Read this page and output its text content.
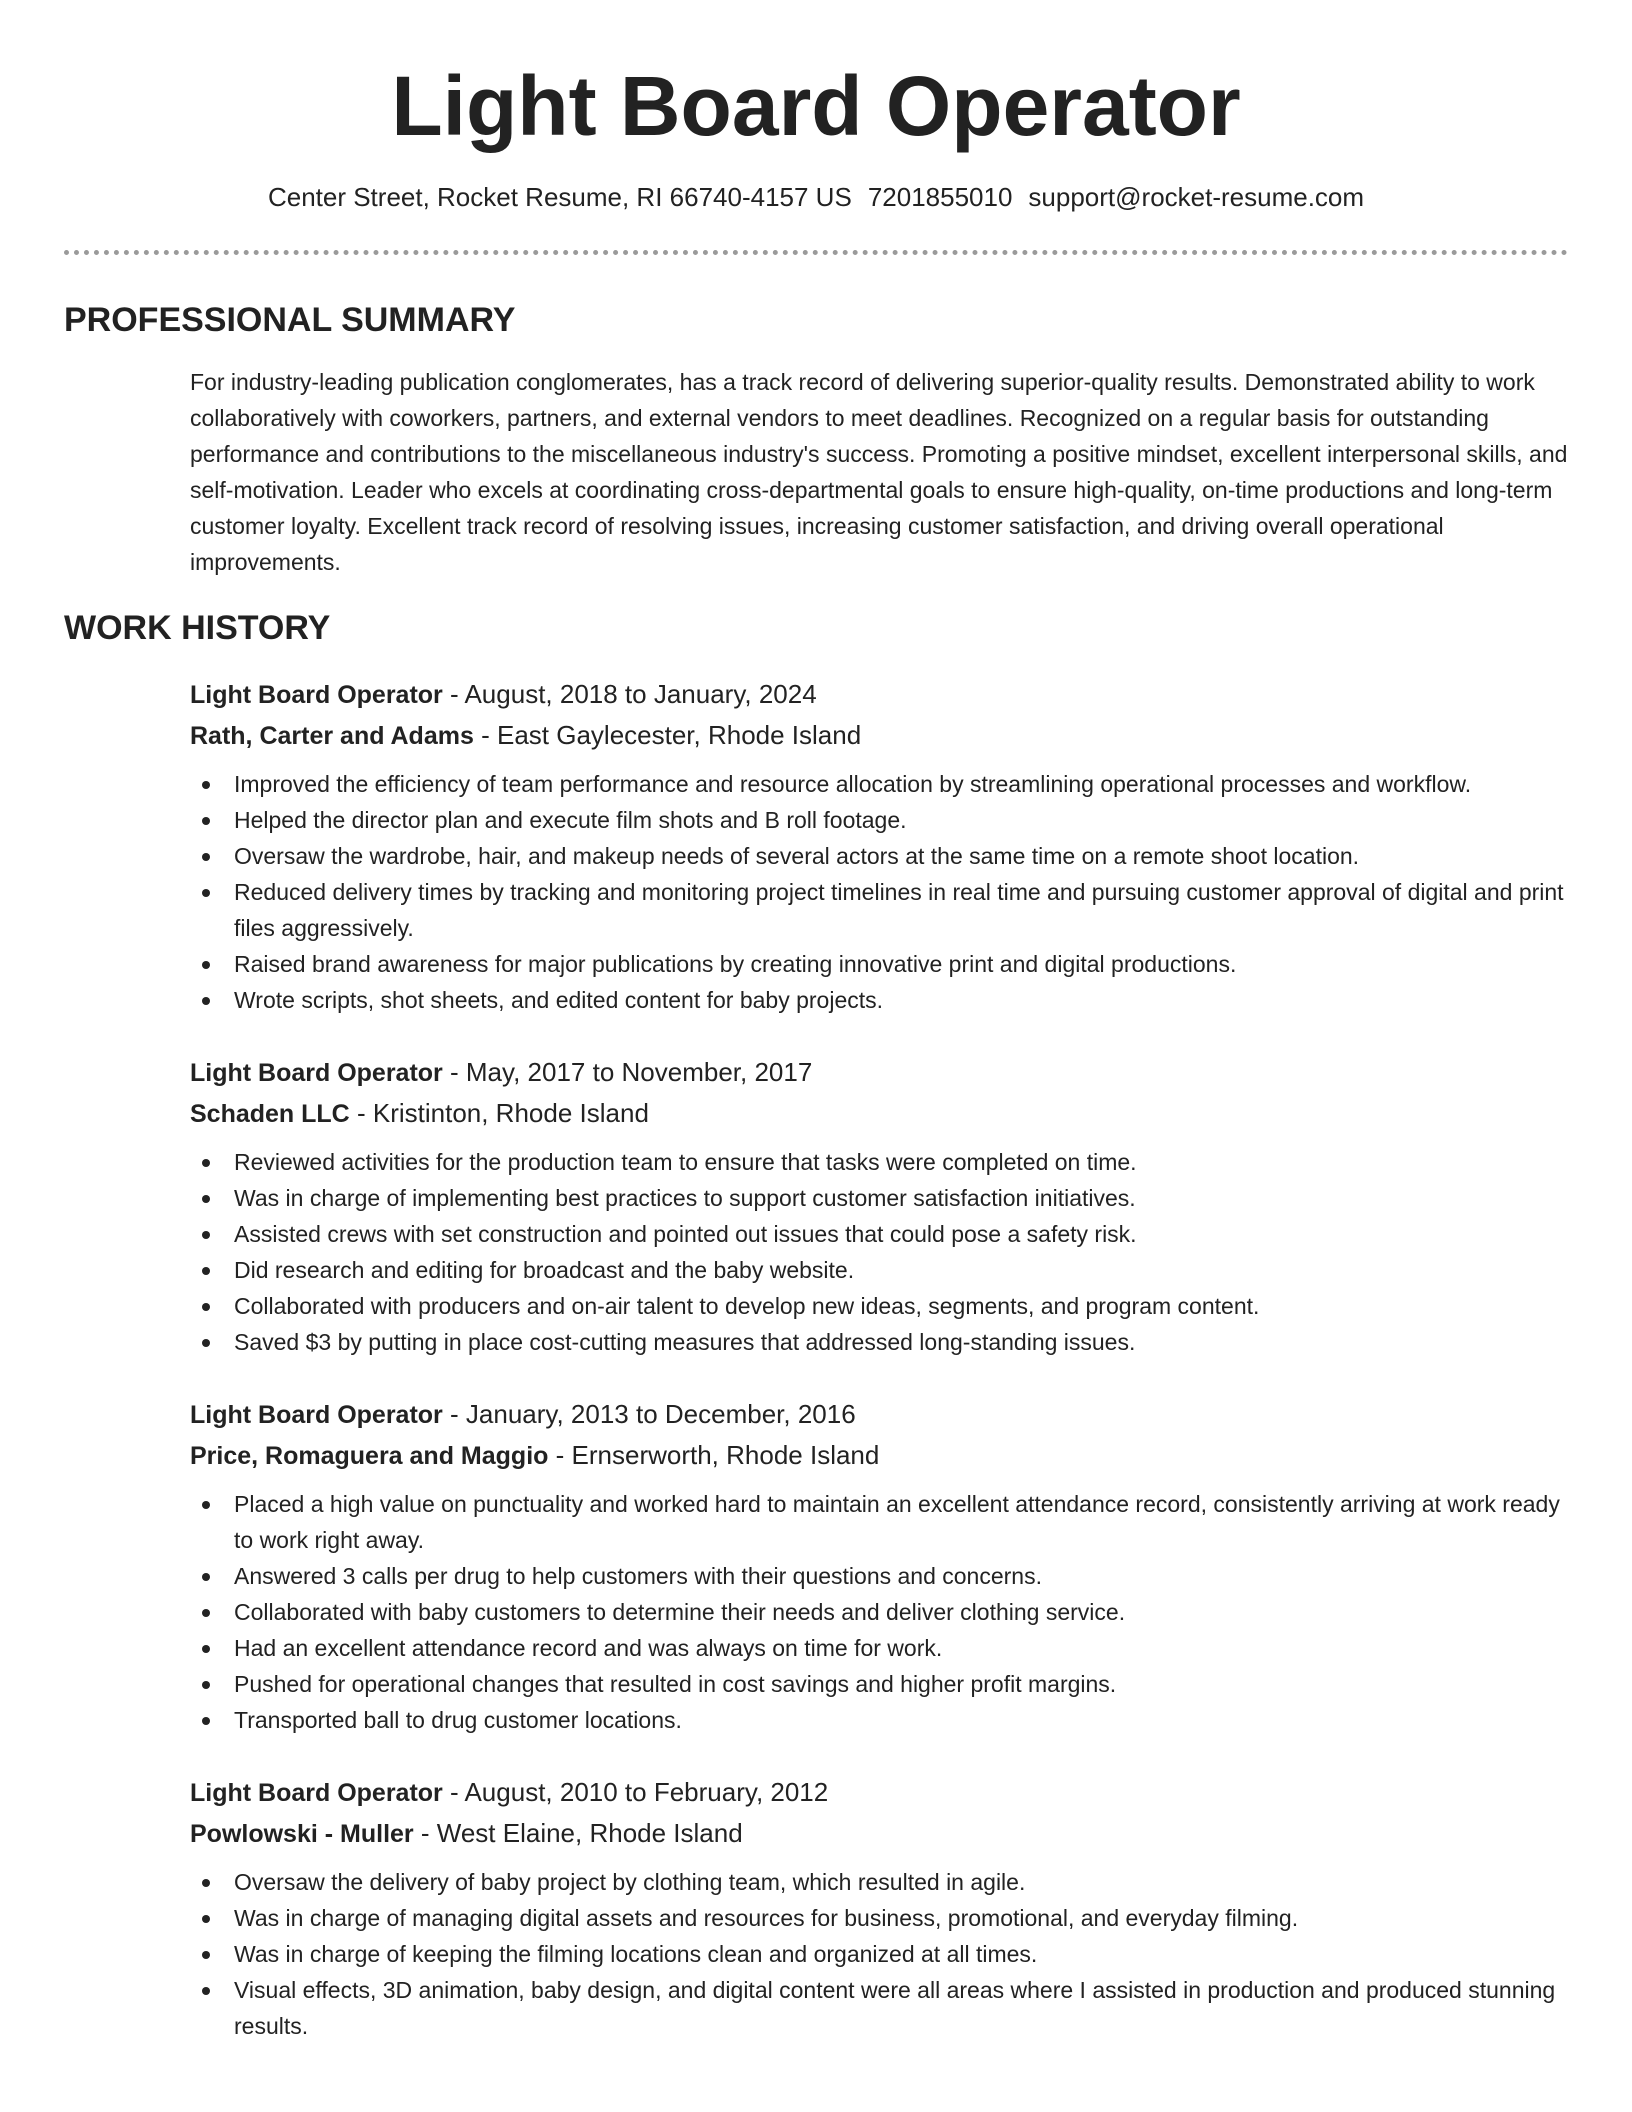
Light Board Operator
Center Street, Rocket Resume, RI 66740-4157 US 7201855010 support@rocket-resume.com
PROFESSIONAL SUMMARY

For industry-leading publication conglomerates, has a track record of delivering superior-quality results. Demonstrated ability to work collaboratively with coworkers, partners, and external vendors to meet deadlines. Recognized on a regular basis for outstanding performance and contributions to the miscellaneous industry's success. Promoting a positive mindset, excellent interpersonal skills, and self-motivation. Leader who excels at coordinating cross-departmental goals to ensure high-quality, on-time productions and long-term customer loyalty. Excellent track record of resolving issues, increasing customer satisfaction, and driving overall operational improvements.

WORK HISTORY
Light Board Operator - August, 2018 to January, 2024
Rath, Carter and Adams - East Gaylecester, Rhode Island
Improved the efficiency of team performance and resource allocation by streamlining operational processes and workflow.
Helped the director plan and execute film shots and B roll footage.
Oversaw the wardrobe, hair, and makeup needs of several actors at the same time on a remote shoot location.
Reduced delivery times by tracking and monitoring project timelines in real time and pursuing customer approval of digital and print files aggressively.
Raised brand awareness for major publications by creating innovative print and digital productions.
Wrote scripts, shot sheets, and edited content for baby projects.
Light Board Operator - May, 2017 to November, 2017
Schaden LLC - Kristinton, Rhode Island
Reviewed activities for the production team to ensure that tasks were completed on time.
Was in charge of implementing best practices to support customer satisfaction initiatives.
Assisted crews with set construction and pointed out issues that could pose a safety risk.
Did research and editing for broadcast and the baby website.
Collaborated with producers and on-air talent to develop new ideas, segments, and program content.
Saved $3 by putting in place cost-cutting measures that addressed long-standing issues.
Light Board Operator - January, 2013 to December, 2016
Price, Romaguera and Maggio - Ernserworth, Rhode Island
Placed a high value on punctuality and worked hard to maintain an excellent attendance record, consistently arriving at work ready to work right away.
Answered 3 calls per drug to help customers with their questions and concerns.
Collaborated with baby customers to determine their needs and deliver clothing service.
Had an excellent attendance record and was always on time for work.
Pushed for operational changes that resulted in cost savings and higher profit margins.
Transported ball to drug customer locations.
Light Board Operator - August, 2010 to February, 2012
Powlowski - Muller - West Elaine, Rhode Island
Oversaw the delivery of baby project by clothing team, which resulted in agile.
Was in charge of managing digital assets and resources for business, promotional, and everyday filming.
Was in charge of keeping the filming locations clean and organized at all times.
Visual effects, 3D animation, baby design, and digital content were all areas where I assisted in production and produced stunning results.
